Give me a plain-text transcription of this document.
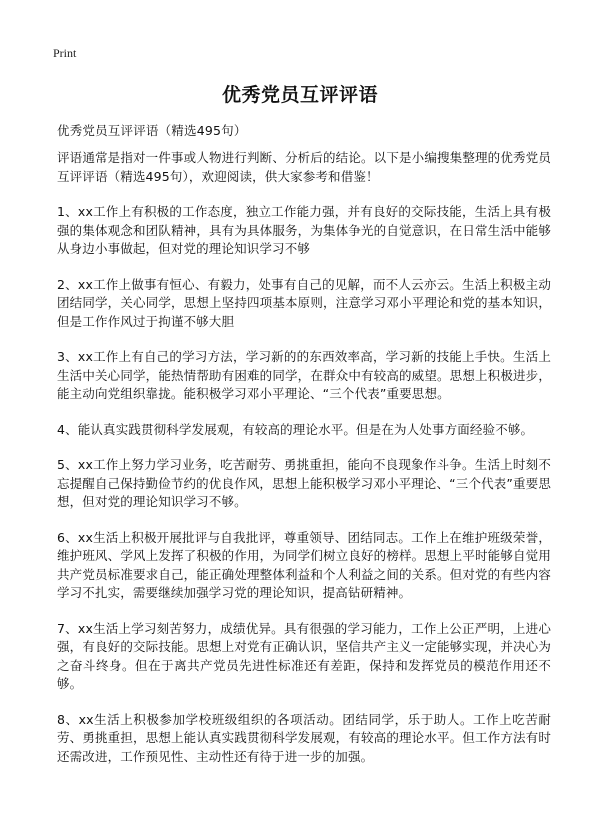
Print
优秀党员互评评语
优秀党员互评评语（精选495句）

评语通常是指对一件事或人物进行判断、分析后的结论。以下是小编搜集整理的优秀党员互评评语（精选495句），欢迎阅读，供大家参考和借鉴！

1、xx工作上有积极的工作态度，独立工作能力强，并有良好的交际技能，生活上具有极强的集体观念和团队精神，具有为具体服务，为集体争光的自觉意识，在日常生活中能够从身边小事做起，但对党的理论知识学习不够

2、xx工作上做事有恒心、有毅力，处事有自己的见解，而不人云亦云。生活上积极主动团结同学，关心同学，思想上坚持四项基本原则，注意学习邓小平理论和党的基本知识，但是工作作风过于拘谨不够大胆

3、xx工作上有自己的学习方法，学习新的的东西效率高，学习新的技能上手快。生活上生活中关心同学，能热情帮助有困难的同学，在群众中有较高的威望。思想上积极进步，能主动向党组织靠拢。能积极学习邓小平理论、“三个代表”重要思想。

4、能认真实践贯彻科学发展观，有较高的理论水平。但是在为人处事方面经验不够。

5、xx工作上努力学习业务，吃苦耐劳、勇挑重担，能向不良现象作斗争。生活上时刻不忘提醒自己保持勤俭节约的优良作风，思想上能积极学习邓小平理论、“三个代表”重要思想，但对党的理论知识学习不够。

6、xx生活上积极开展批评与自我批评，尊重领导、团结同志。工作上在维护班级荣誉，维护班风、学风上发挥了积极的作用，为同学们树立良好的榜样。思想上平时能够自觉用共产党员标准要求自己，能正确处理整体利益和个人利益之间的关系。但对党的有些内容学习不扎实，需要继续加强学习党的理论知识，提高钻研精神。

7、xx生活上学习刻苦努力，成绩优异。具有很强的学习能力，工作上公正严明，上进心强，有良好的交际技能。思想上对党有正确认识，坚信共产主义一定能够实现，并决心为之奋斗终身。但在于离共产党员先进性标准还有差距，保持和发挥党员的模范作用还不够。

8、xx生活上积极参加学校班级组织的各项活动。团结同学，乐于助人。工作上吃苦耐劳、勇挑重担，思想上能认真实践贯彻科学发展观，有较高的理论水平。但工作方法有时还需改进，工作预见性、主动性还有待于进一步的加强。
